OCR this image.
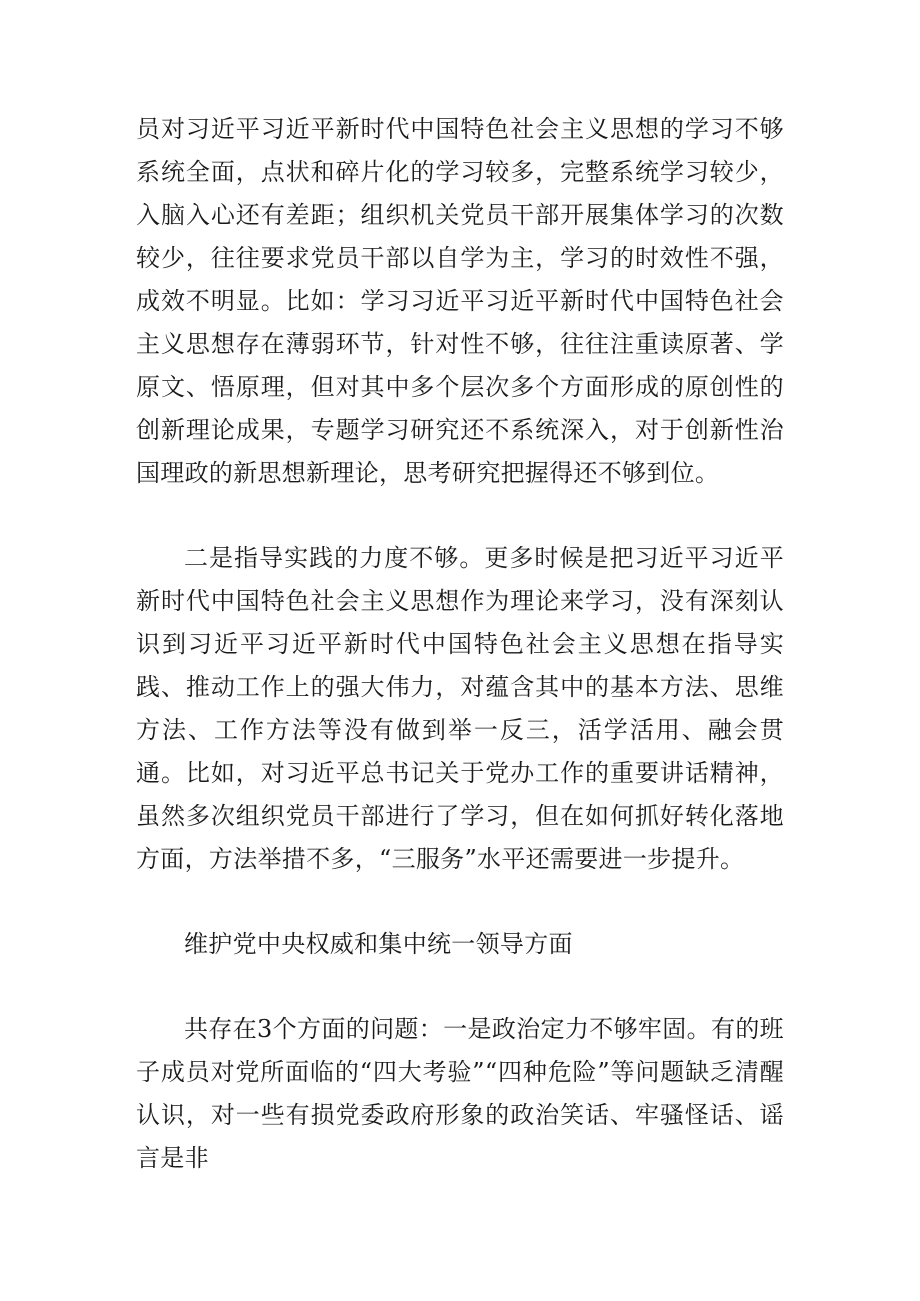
员对习近平习近平新时代中国特色社会主义思想的学习不够系统全面，点状和碎片化的学习较多，完整系统学习较少，入脑入心还有差距；组织机关党员干部开展集体学习的次数较少，往往要求党员干部以自学为主，学习的时效性不强，成效不明显。比如：学习习近平习近平新时代中国特色社会主义思想存在薄弱环节，针对性不够，往往注重读原著、学原文、悟原理，但对其中多个层次多个方面形成的原创性的创新理论成果，专题学习研究还不系统深入，对于创新性治国理政的新思想新理论，思考研究把握得还不够到位。

二是指导实践的力度不够。更多时候是把习近平习近平新时代中国特色社会主义思想作为理论来学习，没有深刻认识到习近平习近平新时代中国特色社会主义思想在指导实践、推动工作上的强大伟力，对蕴含其中的基本方法、思维方法、工作方法等没有做到举一反三，活学活用、融会贯通。比如，对习近平总书记关于党办工作的重要讲话精神，虽然多次组织党员干部进行了学习，但在如何抓好转化落地方面，方法举措不多，“三服务”水平还需要进一步提升。

维护党中央权威和集中统一领导方面

共存在3个方面的问题：一是政治定力不够牢固。有的班子成员对党所面临的“四大考验”“四种危险”等问题缺乏清醒认识，对一些有损党委政府形象的政治笑话、牢骚怪话、谣言是非
